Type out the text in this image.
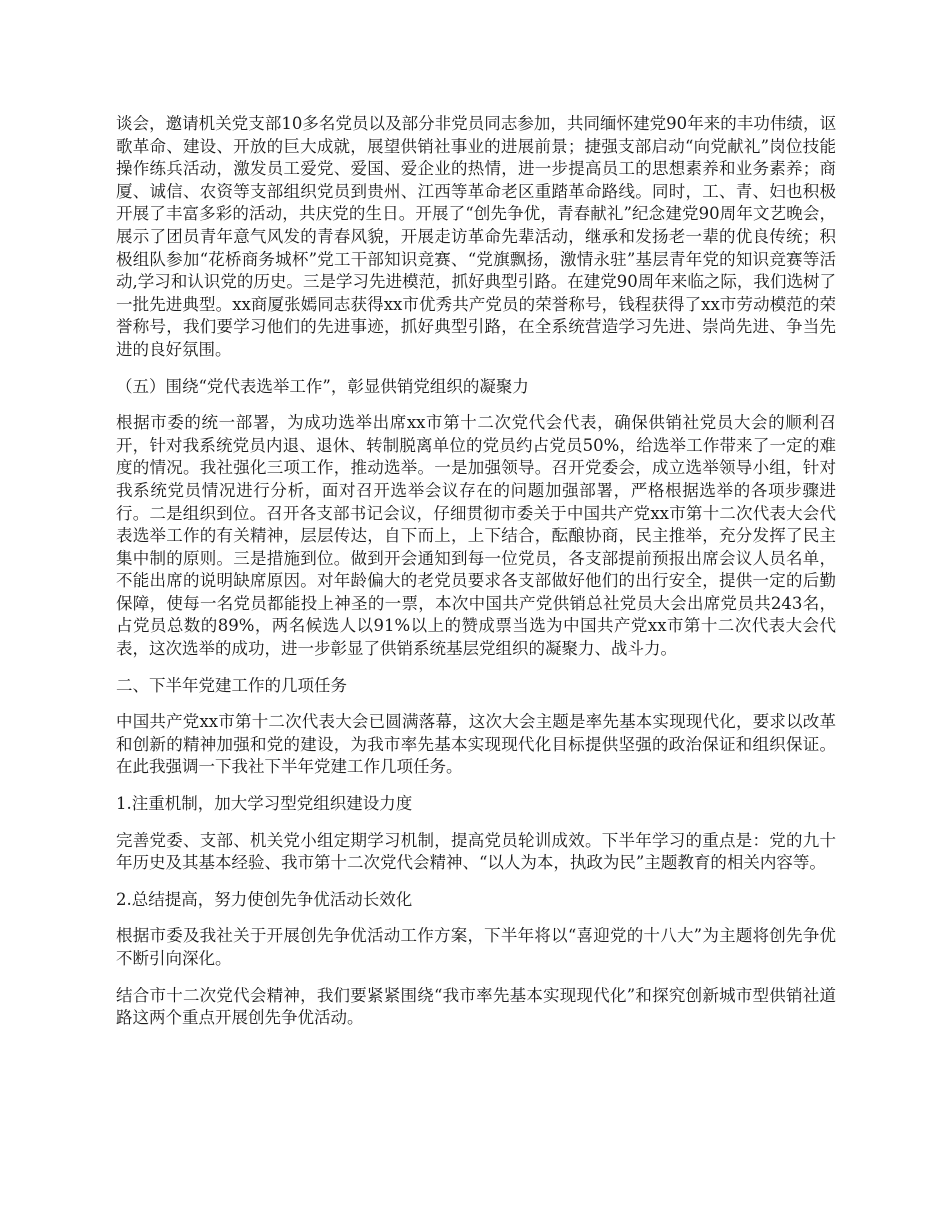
谈会，邀请机关党支部10多名党员以及部分非党员同志参加，共同缅怀建党90年来的丰功伟绩，讴歌革命、建设、开放的巨大成就，展望供销社事业的进展前景；捷强支部启动“向党献礼”岗位技能操作练兵活动，激发员工爱党、爱国、爱企业的热情，进一步提高员工的思想素养和业务素养；商厦、诚信、农资等支部组织党员到贵州、江西等革命老区重踏革命路线。同时，工、青、妇也积极开展了丰富多彩的活动，共庆党的生日。开展了“创先争优，青春献礼”纪念建党90周年文艺晚会，展示了团员青年意气风发的青春风貌，开展走访革命先辈活动，继承和发扬老一辈的优良传统；积极组队参加“花桥商务城杯”党工干部知识竞赛、“党旗飘扬，激情永驻”基层青年党的知识竞赛等活动,学习和认识党的历史。三是学习先进模范，抓好典型引路。在建党90周年来临之际，我们选树了一批先进典型。xx商厦张嫣同志获得xx市优秀共产党员的荣誉称号，钱程获得了xx市劳动模范的荣誉称号，我们要学习他们的先进事迹，抓好典型引路，在全系统营造学习先进、崇尚先进、争当先进的良好氛围。

（五）围绕“党代表选举工作”，彰显供销党组织的凝聚力

根据市委的统一部署，为成功选举出席xx市第十二次党代会代表，确保供销社党员大会的顺利召开，针对我系统党员内退、退休、转制脱离单位的党员约占党员50%，给选举工作带来了一定的难度的情况。我社强化三项工作，推动选举。一是加强领导。召开党委会，成立选举领导小组，针对我系统党员情况进行分析，面对召开选举会议存在的问题加强部署，严格根据选举的各项步骤进行。二是组织到位。召开各支部书记会议，仔细贯彻市委关于中国共产党xx市第十二次代表大会代表选举工作的有关精神，层层传达，自下而上，上下结合，酝酿协商，民主推举，充分发挥了民主集中制的原则。三是措施到位。做到开会通知到每一位党员，各支部提前预报出席会议人员名单，不能出席的说明缺席原因。对年龄偏大的老党员要求各支部做好他们的出行安全，提供一定的后勤保障，使每一名党员都能投上神圣的一票，本次中国共产党供销总社党员大会出席党员共243名，占党员总数的89%，两名候选人以91%以上的赞成票当选为中国共产党xx市第十二次代表大会代表，这次选举的成功，进一步彰显了供销系统基层党组织的凝聚力、战斗力。

二、下半年党建工作的几项任务

中国共产党xx市第十二次代表大会已圆满落幕，这次大会主题是率先基本实现现代化，要求以改革和创新的精神加强和党的建设，为我市率先基本实现现代化目标提供坚强的政治保证和组织保证。在此我强调一下我社下半年党建工作几项任务。

1.注重机制，加大学习型党组织建设力度

完善党委、支部、机关党小组定期学习机制，提高党员轮训成效。下半年学习的重点是：党的九十年历史及其基本经验、我市第十二次党代会精神、“以人为本，执政为民”主题教育的相关内容等。

2.总结提高，努力使创先争优活动长效化

根据市委及我社关于开展创先争优活动工作方案，下半年将以“喜迎党的十八大”为主题将创先争优不断引向深化。

结合市十二次党代会精神，我们要紧紧围绕“我市率先基本实现现代化”和探究创新城市型供销社道路这两个重点开展创先争优活动。
